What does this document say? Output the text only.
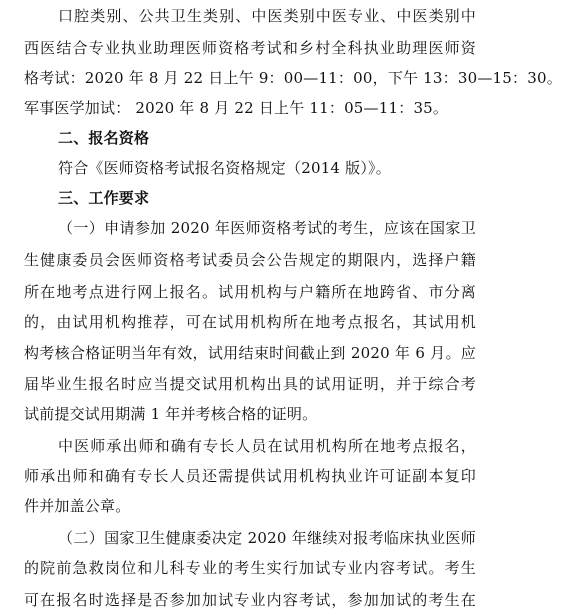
口腔类别、公共卫生类别、中医类别中医专业、中医类别中
西医结合专业执业助理医师资格考试和乡村全科执业助理医师资
格考试：2020 年 8 月 22 日上午 9：00—11：00，下午 13：30—15：30。
军事医学加试： 2020 年 8 月 22 日上午 11：05—11：35。
二、报名资格
符合《医师资格考试报名资格规定（2014 版）》。
三、工作要求
（一）申请参加 2020 年医师资格考试的考生，应该在国家卫
生健康委员会医师资格考试委员会公告规定的期限内，选择户籍
所在地考点进行网上报名。试用机构与户籍所在地跨省、市分离
的，由试用机构推荐，可在试用机构所在地考点报名，其试用机
构考核合格证明当年有效，试用结束时间截止到 2020 年 6 月。应
届毕业生报名时应当提交试用机构出具的试用证明，并于综合考
试前提交试用期满 1 年并考核合格的证明。
中医师承出师和确有专长人员在试用机构所在地考点报名，
师承出师和确有专长人员还需提供试用机构执业许可证副本复印
件并加盖公章。
（二）国家卫生健康委决定 2020 年继续对报考临床执业医师
的院前急救岗位和儿科专业的考生实行加试专业内容考试。考生
可在报名时选择是否参加加试专业内容考试，参加加试的考生在
